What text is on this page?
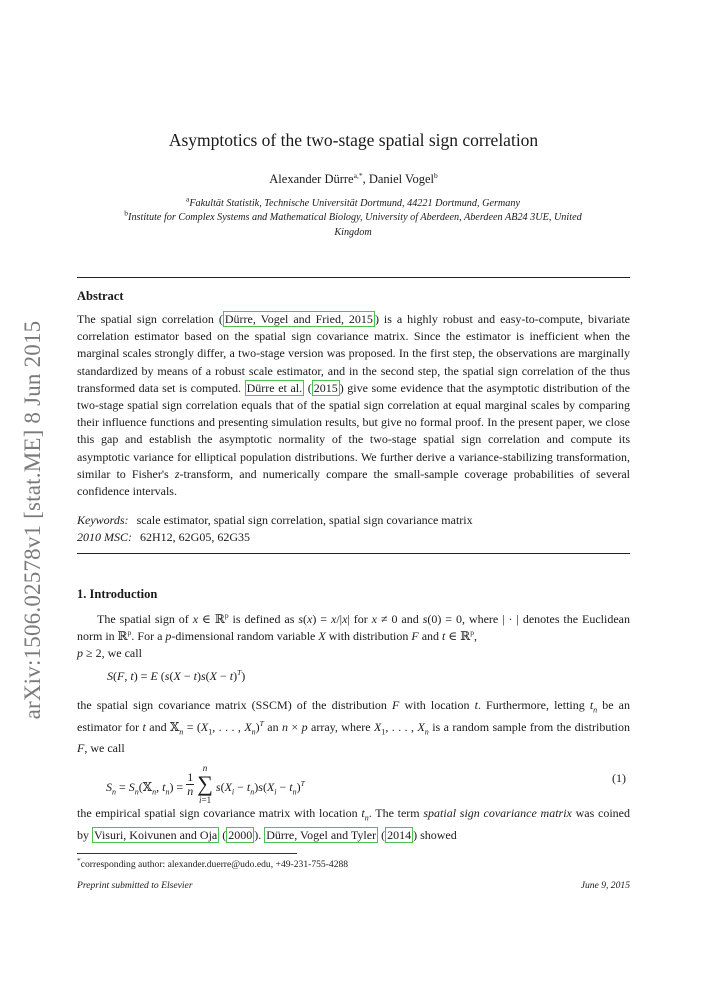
arXiv:1506.02578v1 [stat.ME] 8 Jun 2015
Asymptotics of the two-stage spatial sign correlation
Alexander Dürre$^{a,*}$, Daniel Vogel$^b$
$^a$Fakultät Statistik, Technische Universität Dortmund, 44221 Dortmund, Germany
$^b$Institute for Complex Systems and Mathematical Biology, University of Aberdeen, Aberdeen AB24 3UE, United
Kingdom
Abstract
The spatial sign correlation ( Dürre, Vogel and Fried, 2015 ) is a highly robust and easy-to-compute, bivariate correlation estimator based on the spatial sign covariance matrix. Since the estimator is inefficient when the marginal scales strongly differ, a two-stage version was proposed. In the first step, the observations are marginally standardized by means of a robust scale estimator, and in the second step, the spatial sign correlation of the thus transformed data set is computed. Dürre et al. ( 2015 ) give some evidence that the asymptotic distribution of the two-stage spatial sign correlation equals that of the spatial sign correlation at equal marginal scales by comparing their influence functions and presenting simulation results, but give no formal proof. In the present paper, we close this gap and establish the asymptotic normality of the two-stage spatial sign correlation and compute its asymptotic variance for elliptical population distributions. We further derive a variance-stabilizing transformation, similar to Fisher's z-transform, and numerically compare the small-sample coverage probabilities of several confidence intervals.
Keywords: scale estimator, spatial sign correlation, spatial sign covariance matrix
2010 MSC: 62H12, 62G05, 62G35
1. Introduction
The spatial sign of x ∈ ℝ$^p$ is defined as s(x) = x/|x| for x ≠ 0 and s(0) = 0, where | · | denotes the Euclidean norm in ℝ$^p$. For a p-dimensional random variable X with distribution F and t ∈ ℝ$^p$,
p ≥ 2, we call
S(F, t) = E $(s(X - t)s(X - t)^T)$
the spatial sign covariance matrix (SSCM) of the distribution F with location t. Furthermore, letting $t_n$ be an estimator for t and 𝕏$_n$ = ($X_1$, . . . , $X_n)^T$ an n × p array, where $X_1$, . . . , $X_n$ is a random sample from the distribution F, we call
$S_n$ = $S_n(𝕏_n$, $t_n) = \frac{1}{n}$ n
∑
i=1 $s(X_i - t_n)s(X_i - t_n)^T$	(1)
the empirical spatial sign covariance matrix with location $t_n$. The term spatial sign covariance matrix was coined by Visuri, Koivunen and Oja ( 2000 ). Dürre, Vogel and Tyler ( 2014 ) showed
*corresponding author: alexander.duerre@udo.edu, +49-231-755-4288
Preprint submitted to Elsevier	June 9, 2015
